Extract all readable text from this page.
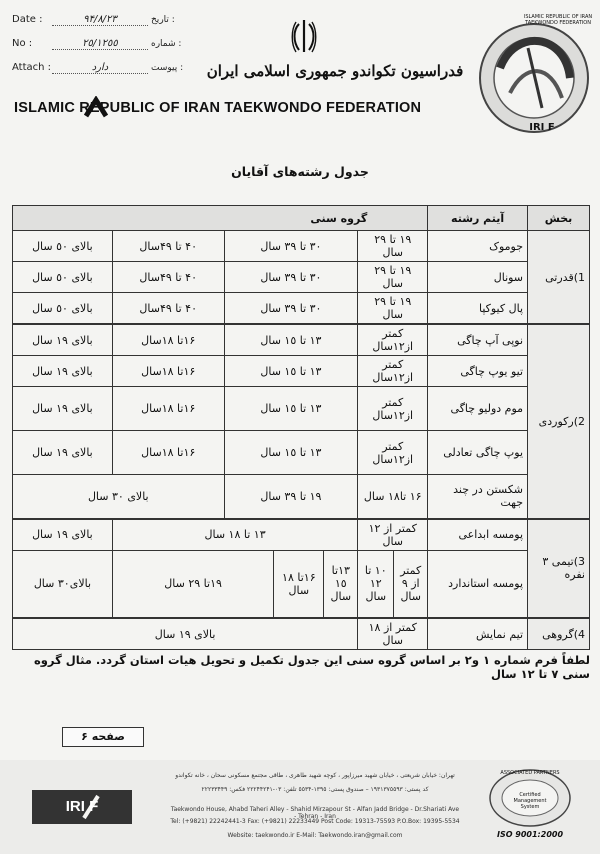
Date :	٩۴/٨/٢٣	تاریخ :
No :	٢٥/١٢٥٥	شماره :
Attach :	دارد	پیوست :	فدراسیون تکواندو جمهوری اسلامی ایران
ISLAMIC REPUBLIC OF IRAN TAEKWONDO FEDERATION
IRI F
ISLAMIC REPUBLIC OF IRAN TAEKWONDO FEDERATION
جدول رشته‌های آقایان
بخش	آیتم رشته	گروه سنی						
1)قدرتی	جوموک	١٩ تا ٢٩ سال		٣٠ تا ٣٩ سال			۴٠ تا ۴٩سال	بالای ٥٠ سال
	سونال	١٩ تا ٢٩ سال		٣٠ تا ٣٩ سال			۴٠ تا ۴٩سال	بالای ٥٠ سال
	پال کیوکپا	١٩ تا ٢٩ سال		٣٠ تا ٣٩ سال			۴٠ تا ۴٩سال	بالای ٥٠ سال
2)رکوردی	نوپی آپ چاگی	کمتر از١٢سال		١٣ تا ١٥ سال			١۶تا ١٨سال	بالای ١٩ سال
	تیو یوپ چاگی	کمتر از١٢سال		١٣ تا ١٥ سال			١۶تا ١٨سال	بالای ١٩ سال
	موم دولیو چاگی	کمتر از١٢سال		١٣ تا ١٥ سال			١۶تا ١٨سال	بالای ١٩ سال
	یوپ چاگی تعادلی	کمتر از١٢سال		١٣ تا ١٥ سال			١۶تا ١٨سال	بالای ١٩ سال
	شکستن در چند جهت	١۶ تا١٨ سال		١٩ تا ٣٩ سال			بالای ٣٠ سال	
3)تیمی ٣ نفره	پومسه ابداعی	کمتر از ١٢ سال		١٣ تا ١٨ سال				بالای ١٩ سال
	پومسه استاندارد	کمتر از ٩ سال	١٠ تا ١٢ سال	١٣تا ١٥ سال	١۶تا ١٨ سال	١٩تا ٢٩ سال		بالای٣٠ سال
4)گروهی	تیم نمایش	کمتر از ١٨ سال		بالای ١٩ سال				
لطفاً فرم شماره ١ و٢ بر اساس گروه سنی این جدول تکمیل و تحویل هیات استان گردد. مثال گروه سنی ٧ تا ١٢ سال
صفحه ۶
IRI F
تهران: خیابان شریعتی ، خیابان شهید میرزاپور ، کوچه شهید طاهری ، طاقی مجتمع مسکونی سحان ، خانه تکواندو
کد پستی: ١٩٣١٣٧٥٥٩٣ – صندوق پستی: ١٣٩٥-٥٥٣۴ تلفن: ٠٣-٢٢٢۴۴٢۴١ فکس: ٢٢٢٣٣۴۴٩
Taekwondo House, Ahabd Taheri Alley - Shahid Mirzapour St - Alfan Jadd Bridge - Dr.Shariati Ave - Tehran - Iran
Tel: (+9821) 22242441-3 Fax: (+9821) 22233449 Post Code: 19313-75593 P.O.Box: 19395-5534
Website: taekwondo.ir E-Mail: Taekwondo.iran@gmail.com
ASSOCIATED PARTNERS
Certified Management System
ISO 9001:2000
